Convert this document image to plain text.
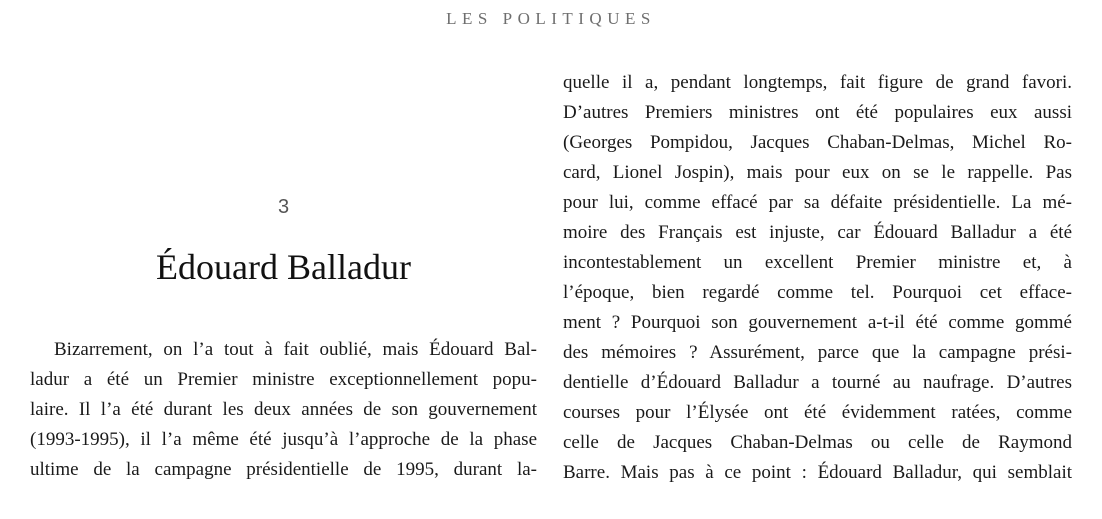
LES POLITIQUES
3
Édouard Balladur
Bizarrement, on l’a tout à fait oublié, mais Édouard Bal-
ladur a été un Premier ministre exceptionnellement popu-
laire. Il l’a été durant les deux années de son gouvernement
(1993-1995), il l’a même été jusqu’à l’approche de la phase
ultime de la campagne présidentielle de 1995, durant la-
quelle il a, pendant longtemps, fait figure de grand favori.
D’autres Premiers ministres ont été populaires eux aussi
(Georges Pompidou, Jacques Chaban-Delmas, Michel Ro-
card, Lionel Jospin), mais pour eux on se le rappelle. Pas
pour lui, comme effacé par sa défaite présidentielle. La mé-
moire des Français est injuste, car Édouard Balladur a été
incontestablement un excellent Premier ministre et, à
l’époque, bien regardé comme tel. Pourquoi cet efface-
ment ? Pourquoi son gouvernement a-t-il été comme gommé
des mémoires ? Assurément, parce que la campagne prési-
dentielle d’Édouard Balladur a tourné au naufrage. D’autres
courses pour l’Élysée ont été évidemment ratées, comme
celle de Jacques Chaban-Delmas ou celle de Raymond
Barre. Mais pas à ce point : Édouard Balladur, qui semblait
